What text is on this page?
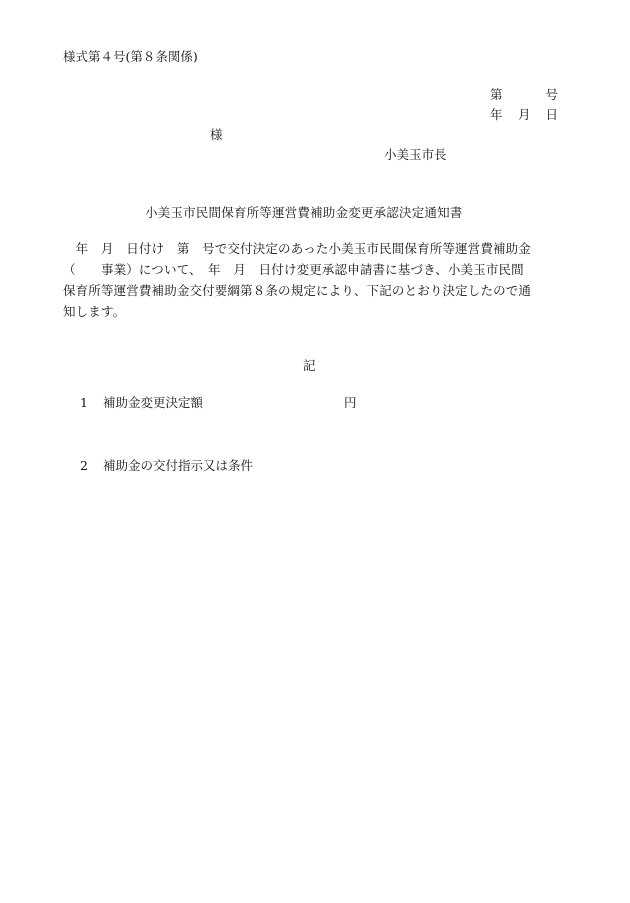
様式第４号(第８条関係)
第	号
年 月 日
様
小美玉市長
小美玉市民間保育所等運営費補助金変更承認決定通知書
　年　月　日付け　第　号で交付決定のあった小美玉市民間保育所等運営費補助金
（　　事業）について、　年　月　日付け変更承認申請書に基づき、小美玉市民間
保育所等運営費補助金交付要綱第８条の規定により、下記のとおり決定したので通
知します。
記
1 補助金変更決定額	円
2 補助金の交付指示又は条件
